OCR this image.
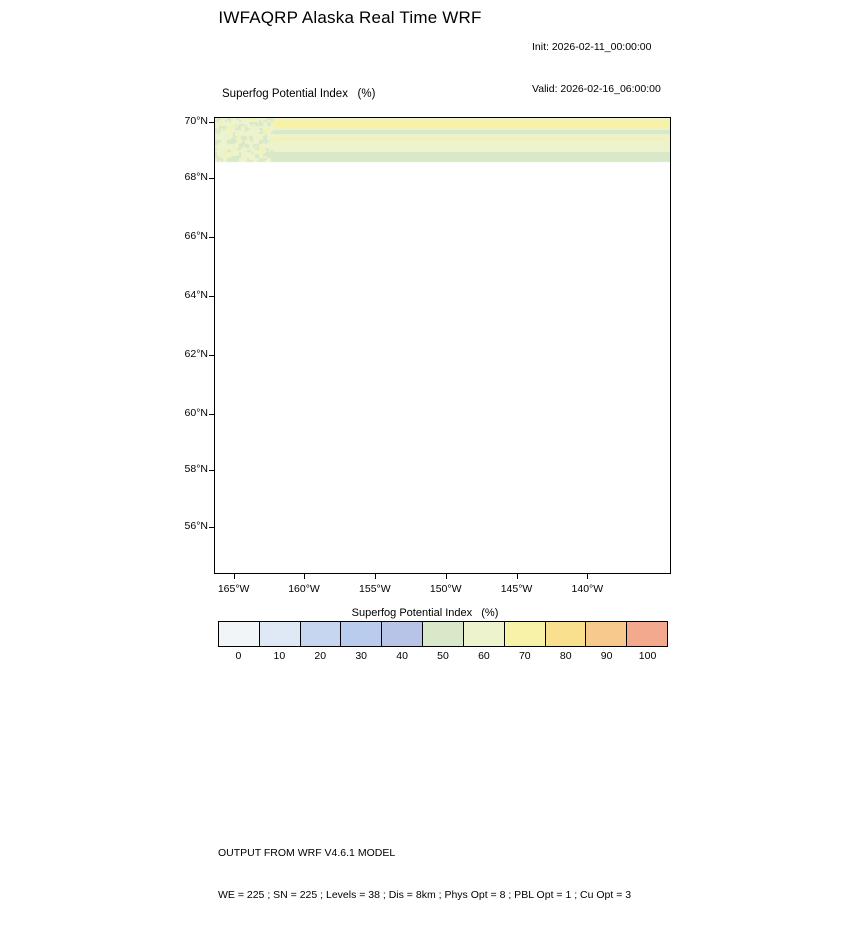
IWFAQRP Alaska Real Time WRF

Init: 2026-02-11_00:00:00

Valid: 2026-02-16_06:00:00

Superfog Potential Index   (%)
70°N
68°N
66°N
64°N
62°N
60°N
58°N
56°N
165°W	160°W	155°W	150°W	145°W	140°W
Superfog Potential Index   (%)
0	10	20	30	40	50	60	70	80	90	100

OUTPUT FROM WRF V4.6.1 MODEL

WE = 225 ; SN = 225 ; Levels = 38 ; Dis = 8km ; Phys Opt = 8 ; PBL Opt = 1 ; Cu Opt = 3
